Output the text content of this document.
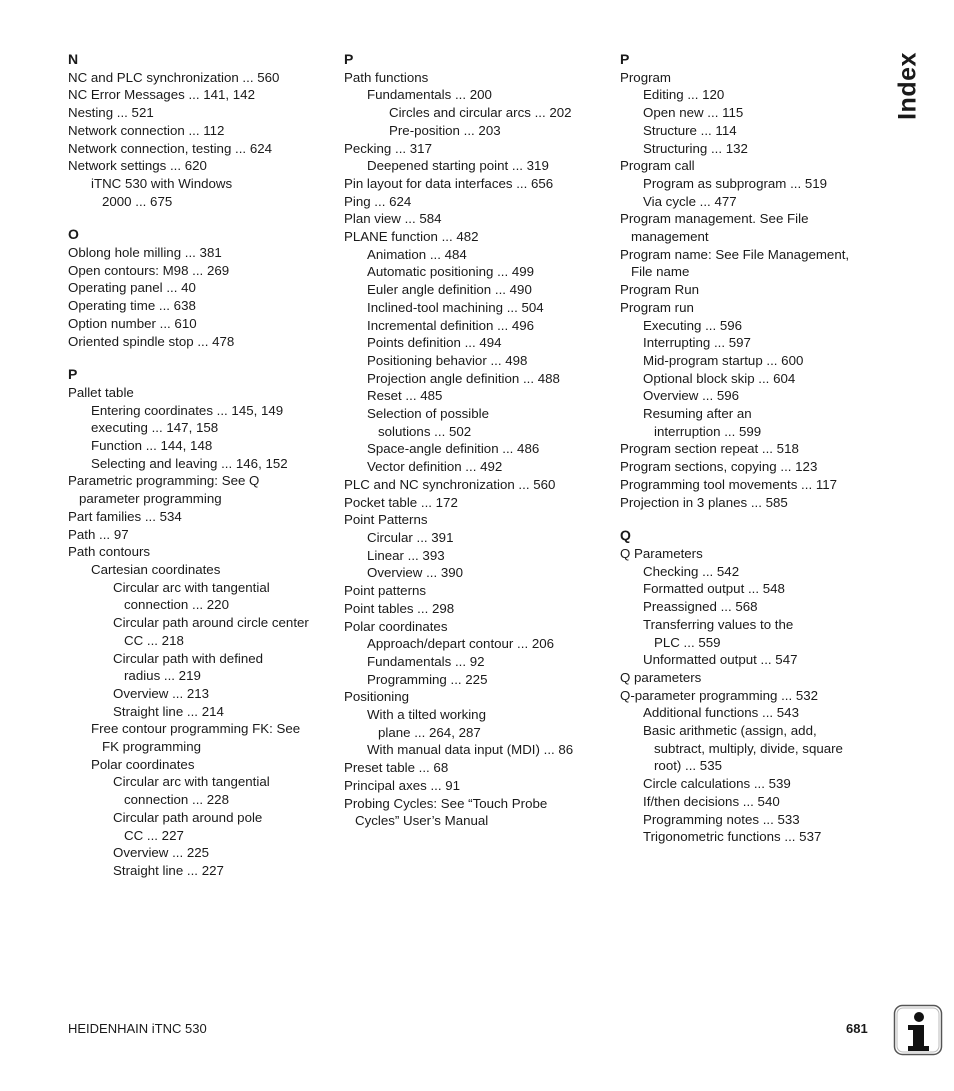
N
NC and PLC synchronization ... 560
NC Error Messages ... 141, 142
Nesting ... 521
Network connection ... 112
Network connection, testing ... 624
Network settings ... 620
iTNC 530 with Windows
2000 ... 675
O
Oblong hole milling ... 381
Open contours: M98 ... 269
Operating panel ... 40
Operating time ... 638
Option number ... 610
Oriented spindle stop ... 478
P
Pallet table
Entering coordinates ... 145, 149
executing ... 147, 158
Function ... 144, 148
Selecting and leaving ... 146, 152
Parametric programming: See Q
parameter programming
Part families ... 534
Path ... 97
Path contours
Cartesian coordinates
Circular arc with tangential
connection ... 220
Circular path around circle center
CC ... 218
Circular path with defined
radius ... 219
Overview ... 213
Straight line ... 214
Free contour programming FK: See
FK programming
Polar coordinates
Circular arc with tangential
connection ... 228
Circular path around pole
CC ... 227
Overview ... 225
Straight line ... 227
P
Path functions
Fundamentals ... 200
Circles and circular arcs ... 202
Pre-position ... 203
Pecking ... 317
Deepened starting point ... 319
Pin layout for data interfaces ... 656
Ping ... 624
Plan view ... 584
PLANE function ... 482
Animation ... 484
Automatic positioning ... 499
Euler angle definition ... 490
Inclined-tool machining ... 504
Incremental definition ... 496
Points definition ... 494
Positioning behavior ... 498
Projection angle definition ... 488
Reset ... 485
Selection of possible
solutions ... 502
Space-angle definition ... 486
Vector definition ... 492
PLC and NC synchronization ... 560
Pocket table ... 172
Point Patterns
Circular ... 391
Linear ... 393
Overview ... 390
Point patterns
Point tables ... 298
Polar coordinates
Approach/depart contour ... 206
Fundamentals ... 92
Programming ... 225
Positioning
With a tilted working
plane ... 264, 287
With manual data input (MDI) ... 86
Preset table ... 68
Principal axes ... 91
Probing Cycles: See “Touch Probe
Cycles” User’s Manual
P
Program
Editing ... 120
Open new ... 115
Structure ... 114
Structuring ... 132
Program call
Program as subprogram ... 519
Via cycle ... 477
Program management. See File
management
Program name: See File Management,
File name
Program Run
Program run
Executing ... 596
Interrupting ... 597
Mid-program startup ... 600
Optional block skip ... 604
Overview ... 596
Resuming after an
interruption ... 599
Program section repeat ... 518
Program sections, copying ... 123
Programming tool movements ... 117
Projection in 3 planes ... 585
Q
Q Parameters
Checking ... 542
Formatted output ... 548
Preassigned ... 568
Transferring values to the
PLC ... 559
Unformatted output ... 547
Q parameters
Q-parameter programming ... 532
Additional functions ... 543
Basic arithmetic (assign, add,
subtract, multiply, divide, square
root) ... 535
Circle calculations ... 539
If/then decisions ... 540
Programming notes ... 533
Trigonometric functions ... 537
Index
HEIDENHAIN iTNC 530	681
